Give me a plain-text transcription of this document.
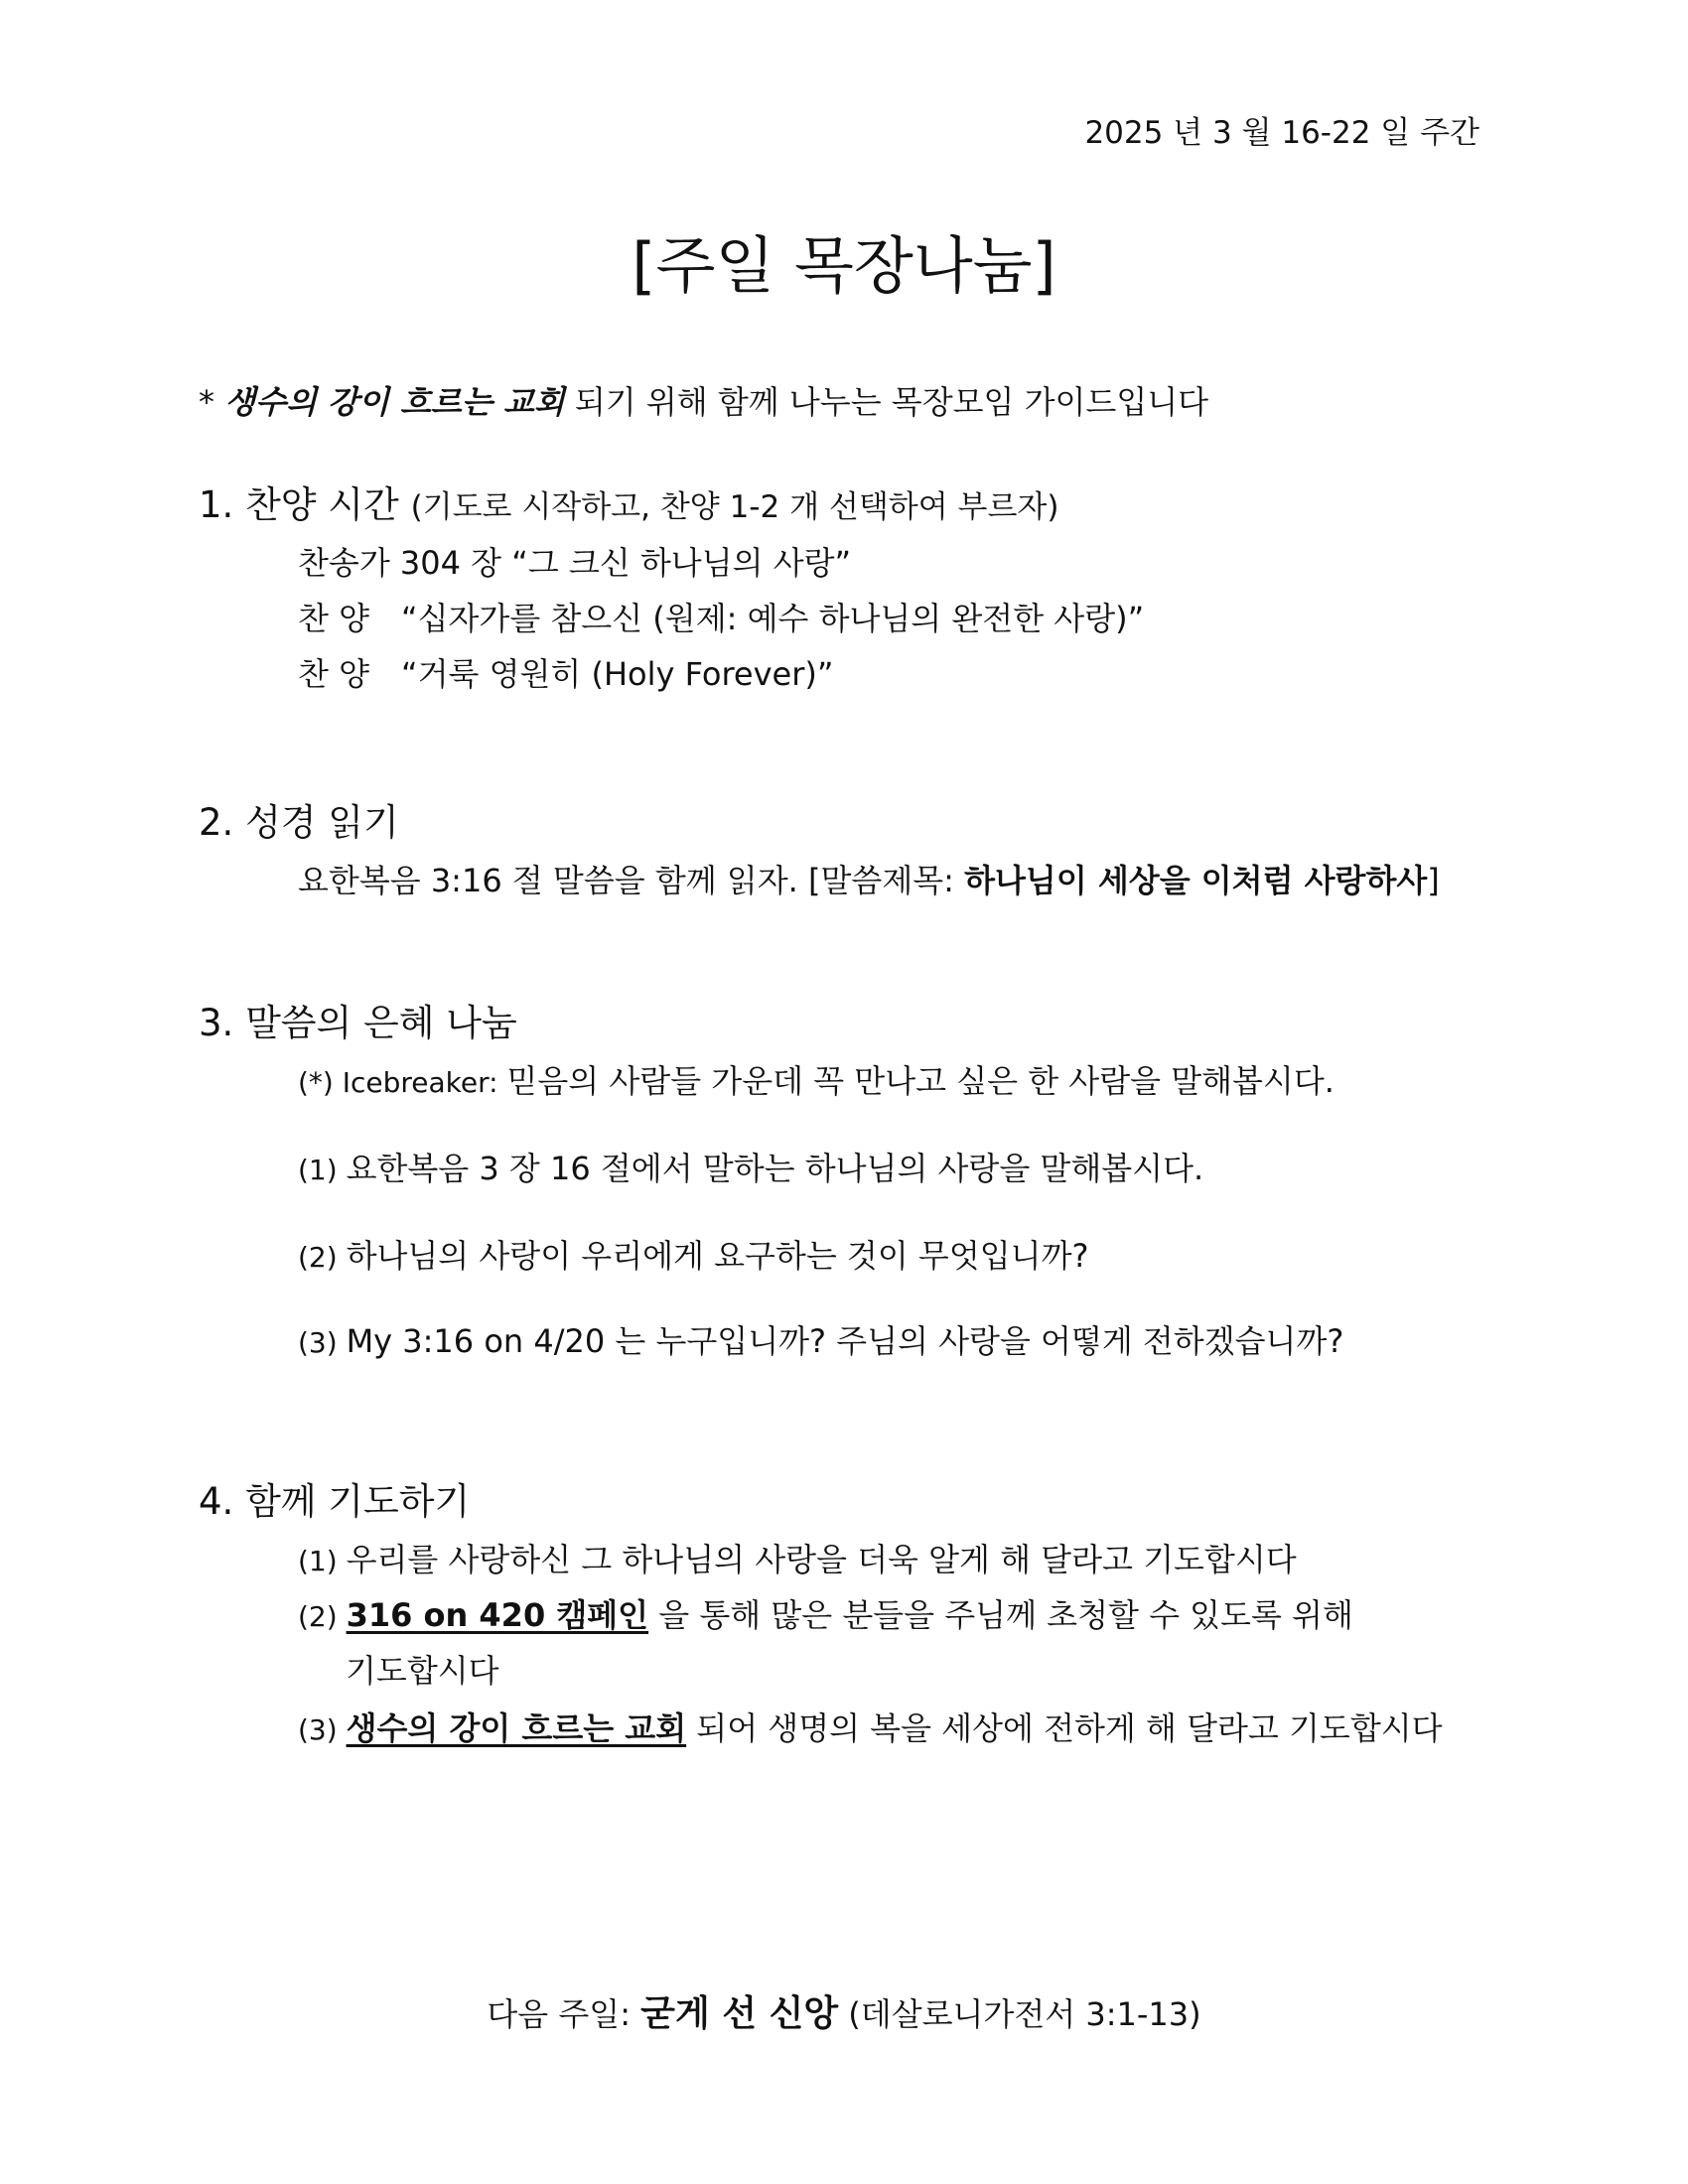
2025 년 3 월 16-22 일 주간
[주일 목장나눔]
* 생수의 강이 흐르는 교회 되기 위해 함께 나누는 목장모임 가이드입니다
1. 찬양 시간 (기도로 시작하고, 찬양 1-2 개 선택하여 부르자)
찬송가 304 장 “그 크신 하나님의 사랑”
찬 양 “십자가를 참으신 (원제: 예수 하나님의 완전한 사랑)”
찬 양 “거룩 영원히 (Holy Forever)”
2. 성경 읽기
요한복음 3:16 절 말씀을 함께 읽자. [말씀제목: 하나님이 세상을 이처럼 사랑하사]
3. 말씀의 은혜 나눔
(*) Icebreaker: 믿음의 사람들 가운데 꼭 만나고 싶은 한 사람을 말해봅시다.
(1) 요한복음 3 장 16 절에서 말하는 하나님의 사랑을 말해봅시다.
(2) 하나님의 사랑이 우리에게 요구하는 것이 무엇입니까?
(3) My 3:16 on 4/20 는 누구입니까? 주님의 사랑을 어떻게 전하겠습니까?
4. 함께 기도하기
(1) 우리를 사랑하신 그 하나님의 사랑을 더욱 알게 해 달라고 기도합시다
(2) 316 on 420 캠페인 을 통해 많은 분들을 주님께 초청할 수 있도록 위해
기도합시다
(3) 생수의 강이 흐르는 교회 되어 생명의 복을 세상에 전하게 해 달라고 기도합시다
다음 주일: 굳게 선 신앙 (데살로니가전서 3:1-13)
